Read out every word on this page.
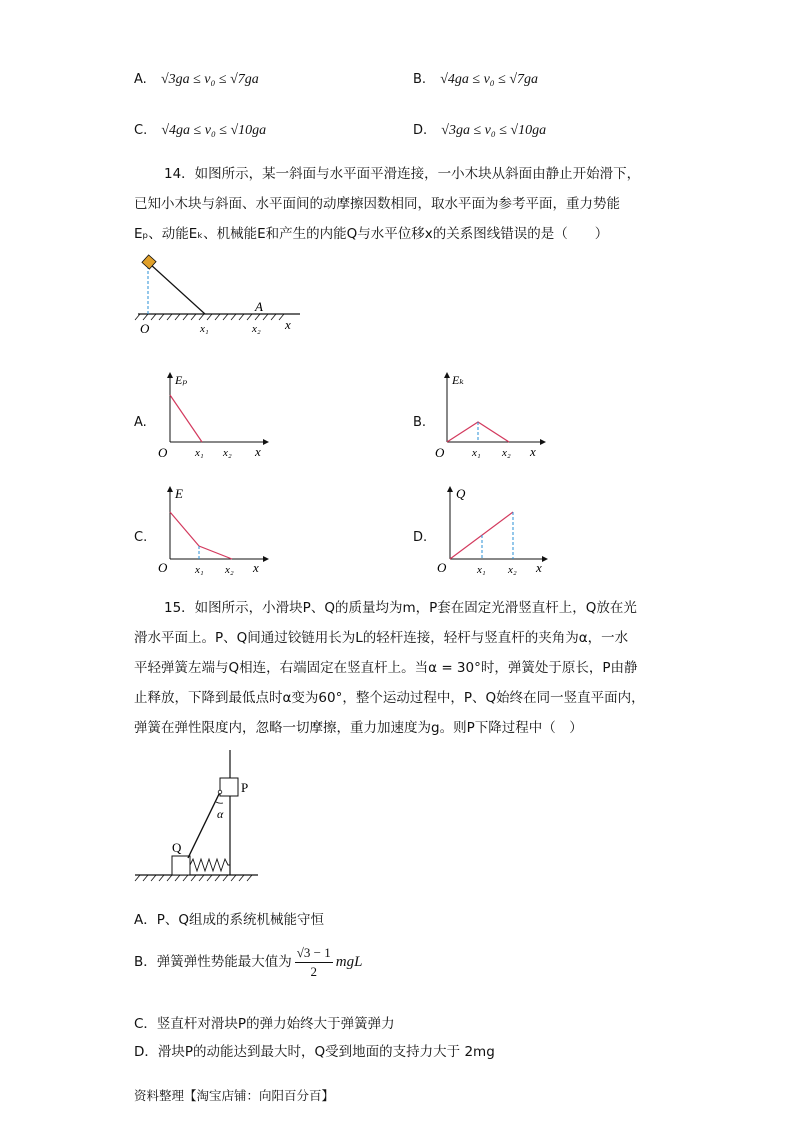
A. √3ga ≤ v₀ ≤ √7ga	B. √4ga ≤ v₀ ≤ √7ga
C. √4ga ≤ v₀ ≤ √10ga	D. √3ga ≤ v₀ ≤ √10ga
14．如图所示，某一斜面与水平面平滑连接，一小木块从斜面由静止开始滑下，
已知小木块与斜面、水平面间的动摩擦因数相同，取水平面为参考平面，重力势能
Eₚ、动能Eₖ、机械能E和产生的内能Q与水平位移x的关系图线错误的是（　　）
O	x₁	x₂ x
A
A.
Eₚ
O	x₁ x₂ x
B.
Eₖ
O	x₁ x₂ x
C.
E
O	x₁ x₂ x
D.
Q
O	x₁ x₂ x
15．如图所示，小滑块P、Q的质量均为m，P套在固定光滑竖直杆上，Q放在光
滑水平面上。P、Q间通过铰链用长为L的轻杆连接，轻杆与竖直杆的夹角为α，一水
平轻弹簧左端与Q相连，右端固定在竖直杆上。当α = 30°时，弹簧处于原长，P由静
止释放，下降到最低点时α变为60°，整个运动过程中，P、Q始终在同一竖直平面内，
弹簧在弹性限度内，忽略一切摩擦，重力加速度为g。则P下降过程中（　）
P
Q
α
A．P、Q组成的系统机械能守恒
B．弹簧弹性势能最大值为 $\frac{√3 - 1}{2}$ mgL
C．竖直杆对滑块P的弹力始终大于弹簧弹力
D．滑块P的动能达到最大时，Q受到地面的支持力大于 2mg
资料整理【淘宝店铺：向阳百分百】
